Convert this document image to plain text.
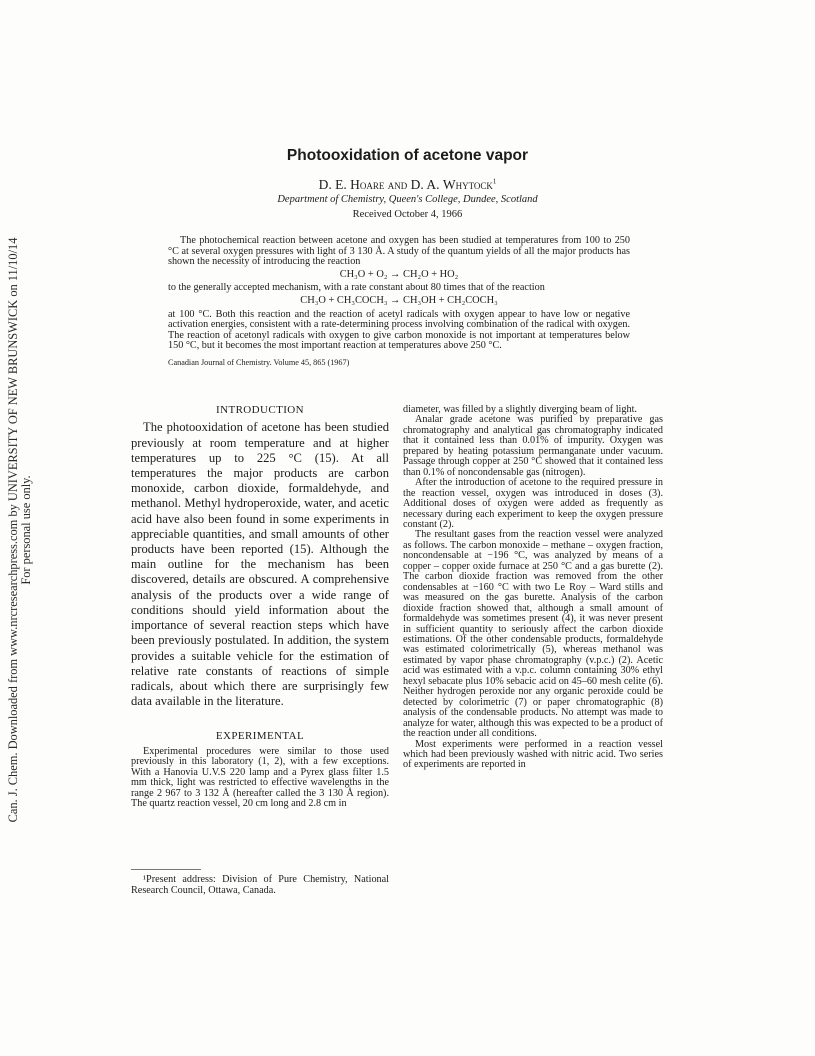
Can. J. Chem. Downloaded from www.nrcresearchpress.com by UNIVERSITY OF NEW BRUNSWICK on 11/10/14 For personal use only.
Photooxidation of acetone vapor
D. E. Hoare and D. A. Whytock$^1$
Department of Chemistry, Queen's College, Dundee, Scotland
Received October 4, 1966

The photochemical reaction between acetone and oxygen has been studied at temperatures from 100 to 250 °C at several oxygen pressures with light of 3 130 Å. A study of the quantum yields of all the major products has shown the necessity of introducing the reaction

CH₃O + O₂ → CH₂O + HO₂

to the generally accepted mechanism, with a rate constant about 80 times that of the reaction

CH₃O + CH₃COCH₃ → CH₃OH + CH₂COCH₃

at 100 °C. Both this reaction and the reaction of acetyl radicals with oxygen appear to have low or negative activation energies, consistent with a rate-determining process involving combination of the radical with oxygen. The reaction of acetonyl radicals with oxygen to give carbon monoxide is not important at temperatures below 150 °C, but it becomes the most important reaction at temperatures above 250 °C.

Canadian Journal of Chemistry. Volume 45, 865 (1967)

INTRODUCTION

The photooxidation of acetone has been studied previously at room temperature and at higher temperatures up to 225 °C (15). At all temperatures the major products are carbon monoxide, carbon dioxide, formaldehyde, and methanol. Methyl hydroperoxide, water, and acetic acid have also been found in some experiments in appreciable quantities, and small amounts of other products have been reported (15). Although the main outline for the mechanism has been discovered, details are obscured. A comprehensive analysis of the products over a wide range of conditions should yield information about the importance of several reaction steps which have been previously postulated. In addition, the system provides a suitable vehicle for the estimation of relative rate constants of reactions of simple radicals, about which there are surprisingly few data available in the literature.

EXPERIMENTAL

Experimental procedures were similar to those used previously in this laboratory (1, 2), with a few exceptions. With a Hanovia U.V.S 220 lamp and a Pyrex glass filter 1.5 mm thick, light was restricted to effective wavelengths in the range 2 967 to 3 132 Å (hereafter called the 3 130 Å region). The quartz reaction vessel, 20 cm long and 2.8 cm in

¹Present address: Division of Pure Chemistry, National Research Council, Ottawa, Canada.

diameter, was filled by a slightly diverging beam of light.

Analar grade acetone was purified by preparative gas chromatography and analytical gas chromatography indicated that it contained less than 0.01% of impurity. Oxygen was prepared by heating potassium permanganate under vacuum. Passage through copper at 250 °C showed that it contained less than 0.1% of noncondensable gas (nitrogen).

After the introduction of acetone to the required pressure in the reaction vessel, oxygen was introduced in doses (3). Additional doses of oxygen were added as frequently as necessary during each experiment to keep the oxygen pressure constant (2).

The resultant gases from the reaction vessel were analyzed as follows. The carbon monoxide – methane – oxygen fraction, noncondensable at −196 °C, was analyzed by means of a copper – copper oxide furnace at 250 °C and a gas burette (2). The carbon dioxide fraction was removed from the other condensables at −160 °C with two Le Roy – Ward stills and was measured on the gas burette. Analysis of the carbon dioxide fraction showed that, although a small amount of formaldehyde was sometimes present (4), it was never present in sufficient quantity to seriously affect the carbon dioxide estimations. Of the other condensable products, formaldehyde was estimated colorimetrically (5), whereas methanol was estimated by vapor phase chromatography (v.p.c.) (2). Acetic acid was estimated with a v.p.c. column containing 30% ethyl hexyl sebacate plus 10% sebacic acid on 45–60 mesh celite (6). Neither hydrogen peroxide nor any organic peroxide could be detected by colorimetric (7) or paper chromatographic (8) analysis of the condensable products. No attempt was made to analyze for water, although this was expected to be a product of the reaction under all conditions.

Most experiments were performed in a reaction vessel which had been previously washed with nitric acid. Two series of experiments are reported in
